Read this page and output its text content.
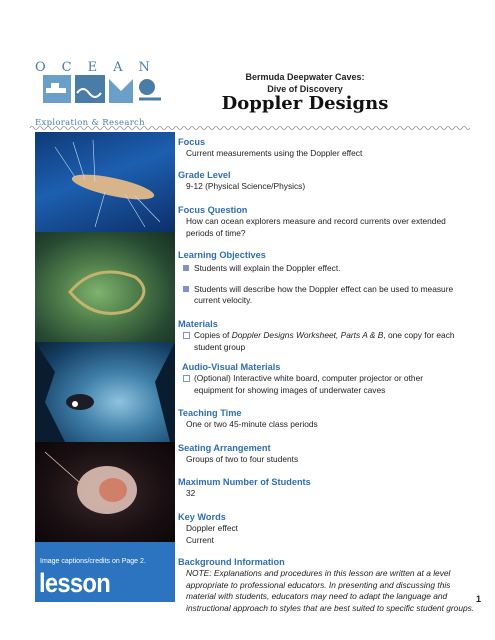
OCEAN
Exploration & Research
Bermuda Deepwater Caves:
Dive of Discovery
Doppler Designs
Image captions/credits on Page 2.
lesson plan
Focus
Current measurements using the Doppler effect
Grade Level
9-12 (Physical Science/Physics)
Focus Question
How can ocean explorers measure and record currents over extended
periods of time?
Learning Objectives
Students will explain the Doppler effect.
Students will describe how the Doppler effect can be used to measure
current velocity.
Materials
Copies of Doppler Designs Worksheet, Parts A & B, one copy for each
student group
Audio-Visual Materials
(Optional) Interactive white board, computer projector or other
equipment for showing images of underwater caves
Teaching Time
One or two 45-minute class periods
Seating Arrangement
Groups of two to four students
Maximum Number of Students
32
Key Words
Doppler effect
Current
Background Information
NOTE: Explanations and procedures in this lesson are written at a level
appropriate to professional educators. In presenting and discussing this
material with students, educators may need to adapt the language and
instructional approach to styles that are best suited to specific student groups.
1
